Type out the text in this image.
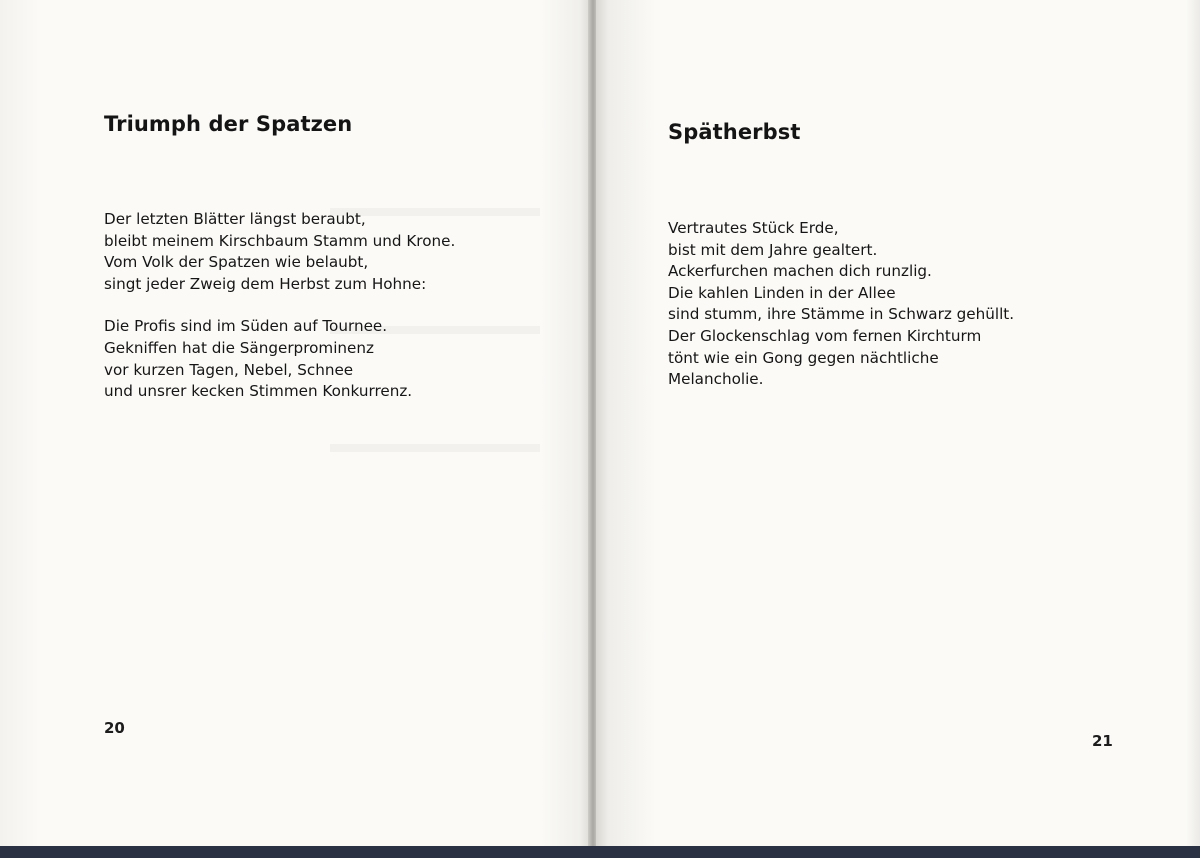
Triumph der Spatzen

Der letzten Blätter längst beraubt,
bleibt meinem Kirschbaum Stamm und Krone.
Vom Volk der Spatzen wie belaubt,
singt jeder Zweig dem Herbst zum Hohne:

Die Profis sind im Süden auf Tournee.
Gekniffen hat die Sängerprominenz
vor kurzen Tagen, Nebel, Schnee
und unsrer kecken Stimmen Konkurrenz.

20

Spätherbst

Vertrautes Stück Erde,
bist mit dem Jahre gealtert.
Ackerfurchen machen dich runzlig.
Die kahlen Linden in der Allee
sind stumm, ihre Stämme in Schwarz gehüllt.
Der Glockenschlag vom fernen Kirchturm
tönt wie ein Gong gegen nächtliche
Melancholie.

21
